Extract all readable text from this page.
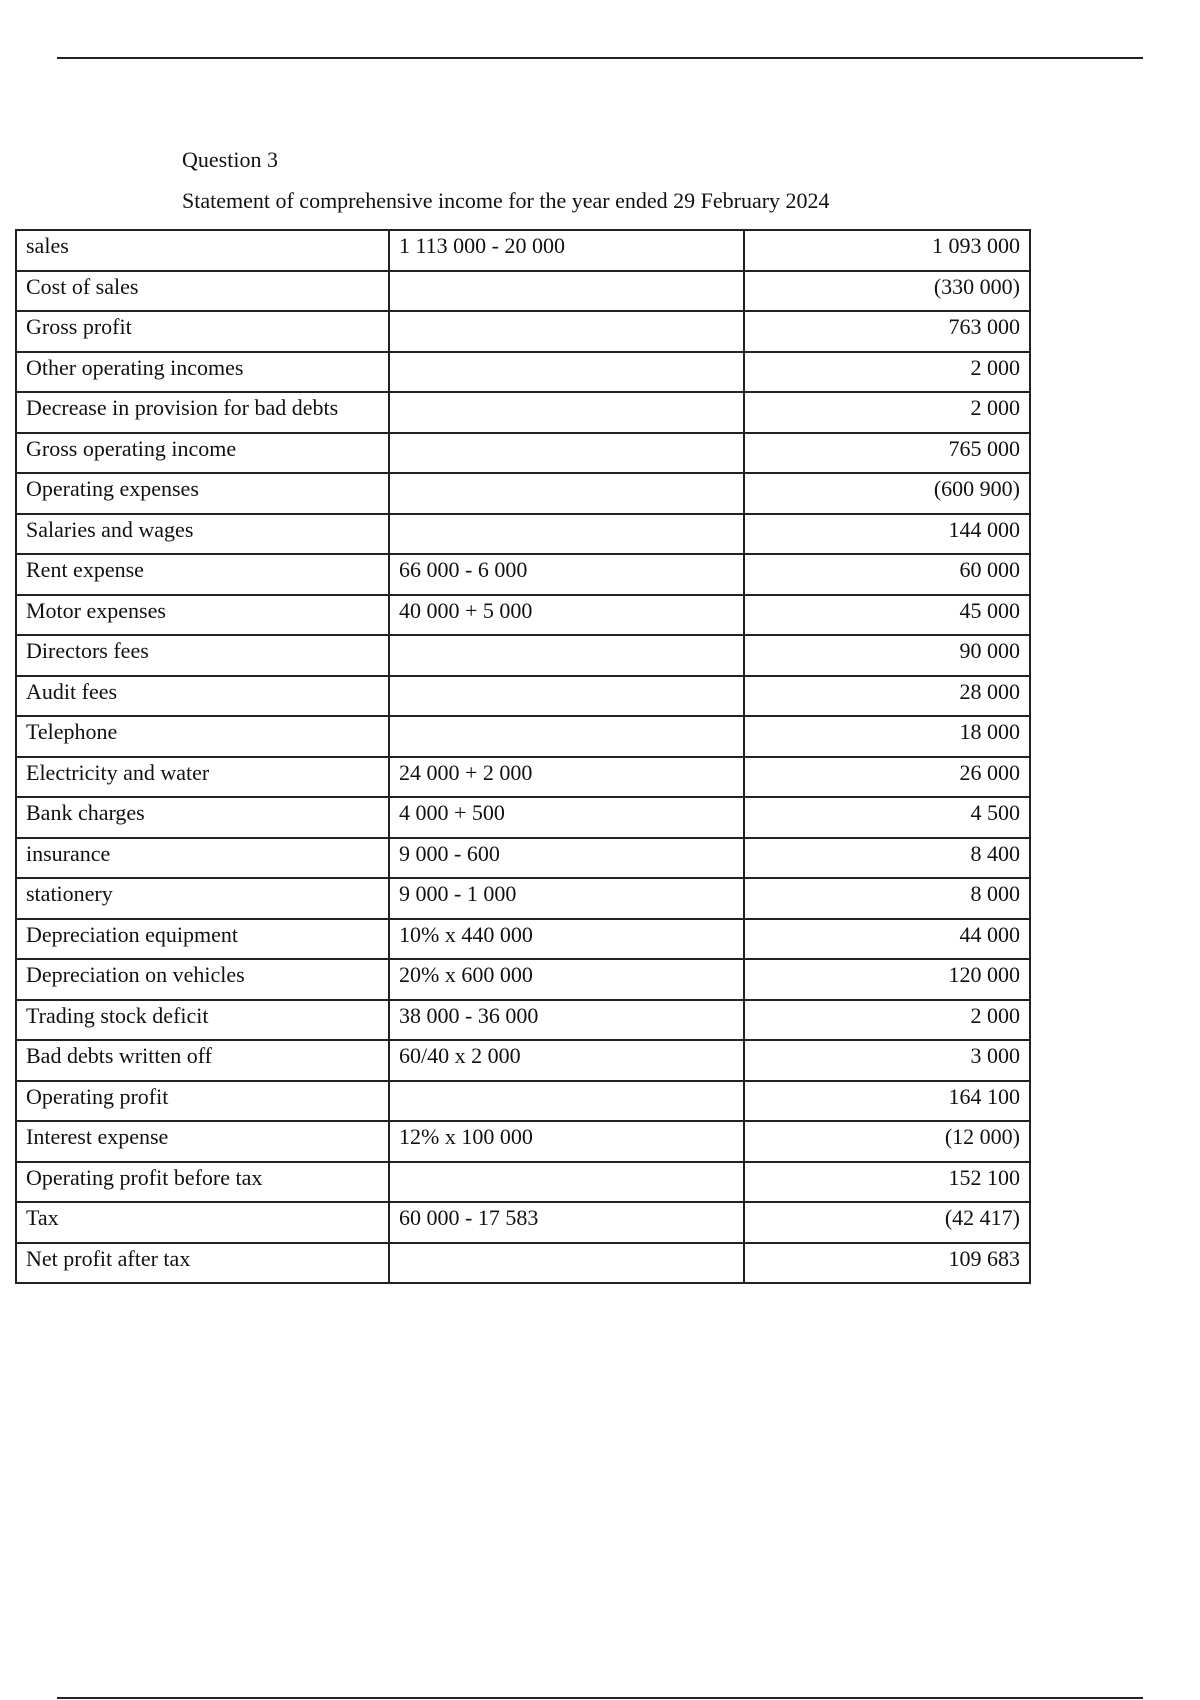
Question 3
Statement of comprehensive income for the year ended 29 February 2024
sales	1 113 000 - 20 000	1 093 000
Cost of sales		(330 000)
Gross profit		763 000
Other operating incomes		2 000
Decrease in provision for bad debts		2 000
Gross operating income		765 000
Operating expenses		(600 900)
Salaries and wages		144 000
Rent expense	66 000 - 6 000	60 000
Motor expenses	40 000 + 5 000	45 000
Directors fees		90 000
Audit fees		28 000
Telephone		18 000
Electricity and water	24 000 + 2 000	26 000
Bank charges	4 000 + 500	4 500
insurance	9 000 - 600	8 400
stationery	9 000 - 1 000	8 000
Depreciation equipment	10% x 440 000	44 000
Depreciation on vehicles	20% x 600 000	120 000
Trading stock deficit	38 000 - 36 000	2 000
Bad debts written off	60/40 x 2 000	3 000
Operating profit		164 100
Interest expense	12% x 100 000	(12 000)
Operating profit before tax		152 100
Tax	60 000 - 17 583	(42 417)
Net profit after tax		109 683
